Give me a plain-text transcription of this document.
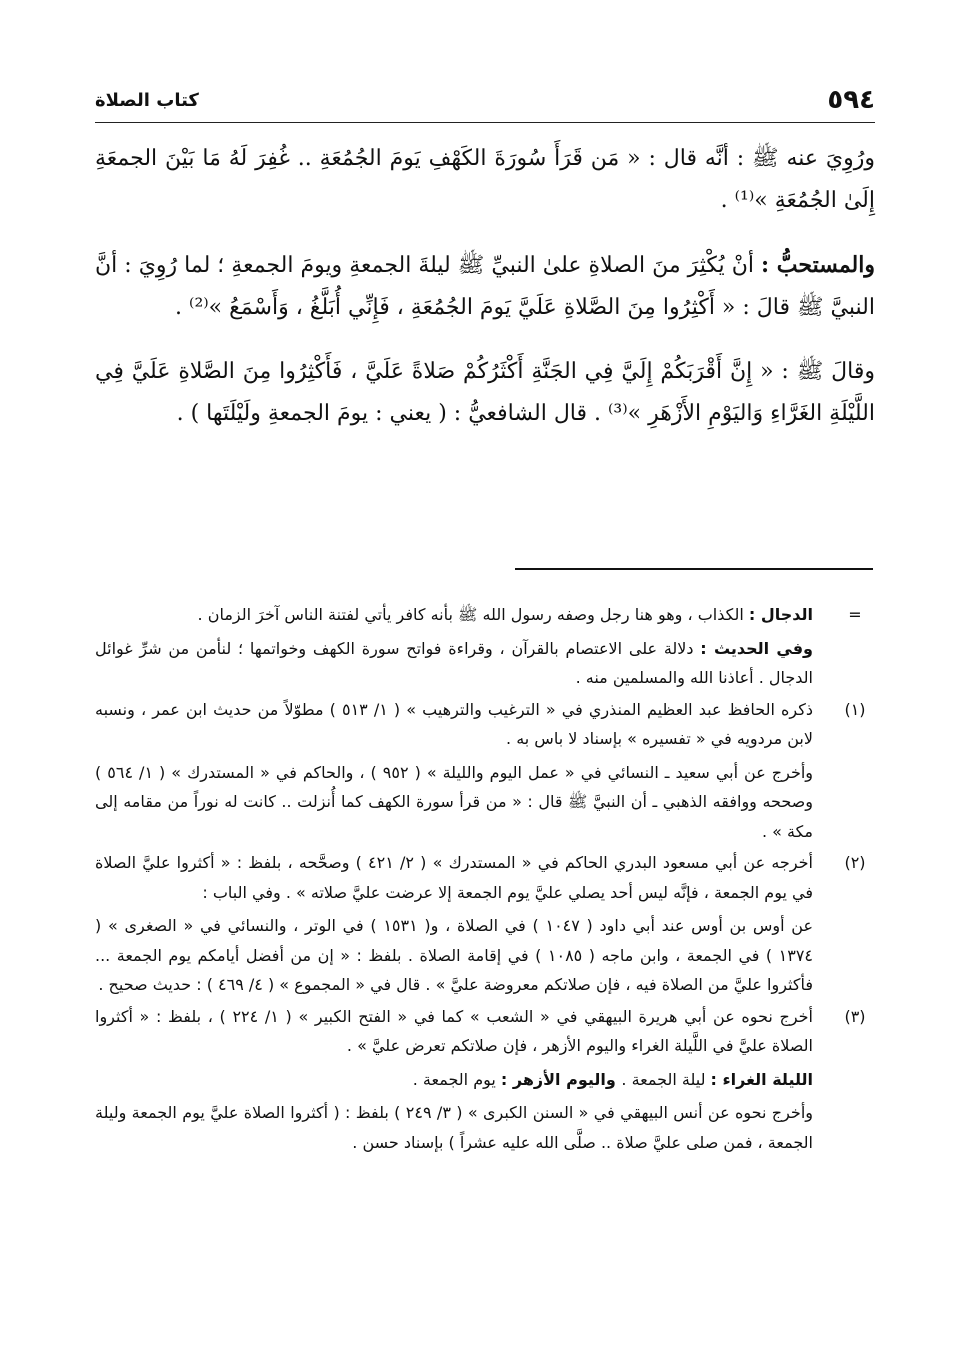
٥٩٤
كتاب الصلاة

ورُوِيَ عنه ﷺ : أنَّه قال : « مَن قَرَأَ سُورَةَ الكَهْفِ يَومَ الجُمُعَةِ .. غُفِرَ لَهُ مَا بَيْنَ الجمعَةِ إِلَىٰ الجُمُعَةِ »⁽¹⁾ .

والمستحبُّ : أنْ يُكْثِرَ منَ الصلاةِ علىٰ النبيِّ ﷺ ليلةَ الجمعةِ ويومَ الجمعةِ ؛ لما رُوِيَ : أنَّ النبيَّ ﷺ قالَ : « أَكْثِرُوا مِنَ الصَّلاةِ عَلَيَّ يَومَ الجُمُعَةِ ، فَإِنِّي أُبَلَّغُ ، وَأَسْمَعُ »⁽²⁾ .

وقالَ ﷺ : « إِنَّ أَقْرَبَكُمْ إِلَيَّ فِي الجَنَّةِ أَكْثَرُكُمْ صَلاةً عَلَيَّ ، فَأَكْثِرُوا مِنَ الصَّلاةِ عَلَيَّ فِي اللَّيْلَةِ الغَرَّاءِ وَاليَوْمِ الأَزْهَرِ »⁽³⁾ . قال الشافعيُّ : ( يعني : يومَ الجمعةِ ولَيْلَتَها ) .

=

الدجال : الكذاب ، وهو هنا رجل وصفه رسول الله ﷺ بأنه كافر يأتي لفتنة الناس آخرَ الزمان .

وفي الحديث : دلالة على الاعتصام بالقرآن ، وقراءة فواتح سورة الكهف وخواتمها ؛ لنأمن من شرِّ غوائل الدجال . أعاذنا الله والمسلمين منه .

(١)

ذكره الحافظ عبد العظيم المنذري في « الترغيب والترهيب » ( ١/ ٥١٣ ) مطوّلاً من حديث ابن عمر ، ونسبه لابن مردويه في « تفسيره » بإسناد لا باس به .

وأخرج عن أبي سعيد ـ النسائي في « عمل اليوم والليلة » ( ٩٥٢ ) ، والحاكم في « المستدرك » ( ١/ ٥٦٤ ) وصححه ووافقه الذهبي ـ أن النبيَّ ﷺ قال : « من قرأ سورة الكهف كما أُنزلت .. كانت له نوراً من مقامه إلى مكة » .

(٢)

أخرجه عن أبي مسعود البدري الحاكم في « المستدرك » ( ٢/ ٤٢١ ) وصحَّحه ، بلفظ : « أكثروا عليَّ الصلاة في يوم الجمعة ، فإنَّه ليس أحد يصلي عليَّ يوم الجمعة إلا عرضت عليَّ صلاته » . وفي الباب :

عن أوس بن أوس عند أبي داود ( ١٠٤٧ ) في الصلاة ، و( ١٥٣١ ) في الوتر ، والنسائي في « الصغرى » ( ١٣٧٤ ) في الجمعة ، وابن ماجه ( ١٠٨٥ ) في إقامة الصلاة . بلفظ : « إن من أفضل أيامكم يوم الجمعة ... فأكثروا عليَّ من الصلاة فيه ، فإن صلاتكم معروضة عليَّ » . قال في « المجموع » ( ٤/ ٤٦٩ ) : حديث صحيح .

(٣)

أخرج نحوه عن أبي هريرة البيهقي في « الشعب » كما في « الفتح الكبير » ( ١/ ٢٢٤ ) ، بلفظ : « أكثروا الصلاة عليَّ في اللَّيلة الغراء واليوم الأزهر ، فإن صلاتكم تعرض عليَّ » .

الليلة الغراء : ليلة الجمعة . واليوم الأزهر : يوم الجمعة .

وأخرج نحوه عن أنس البيهقي في « السنن الكبرى » ( ٣/ ٢٤٩ ) بلفظ : ( أكثروا الصلاة عليَّ يوم الجمعة وليلة الجمعة ، فمن صلى عليَّ صلاة .. صلَّى الله عليه عشراً ) بإسناد حسن .
